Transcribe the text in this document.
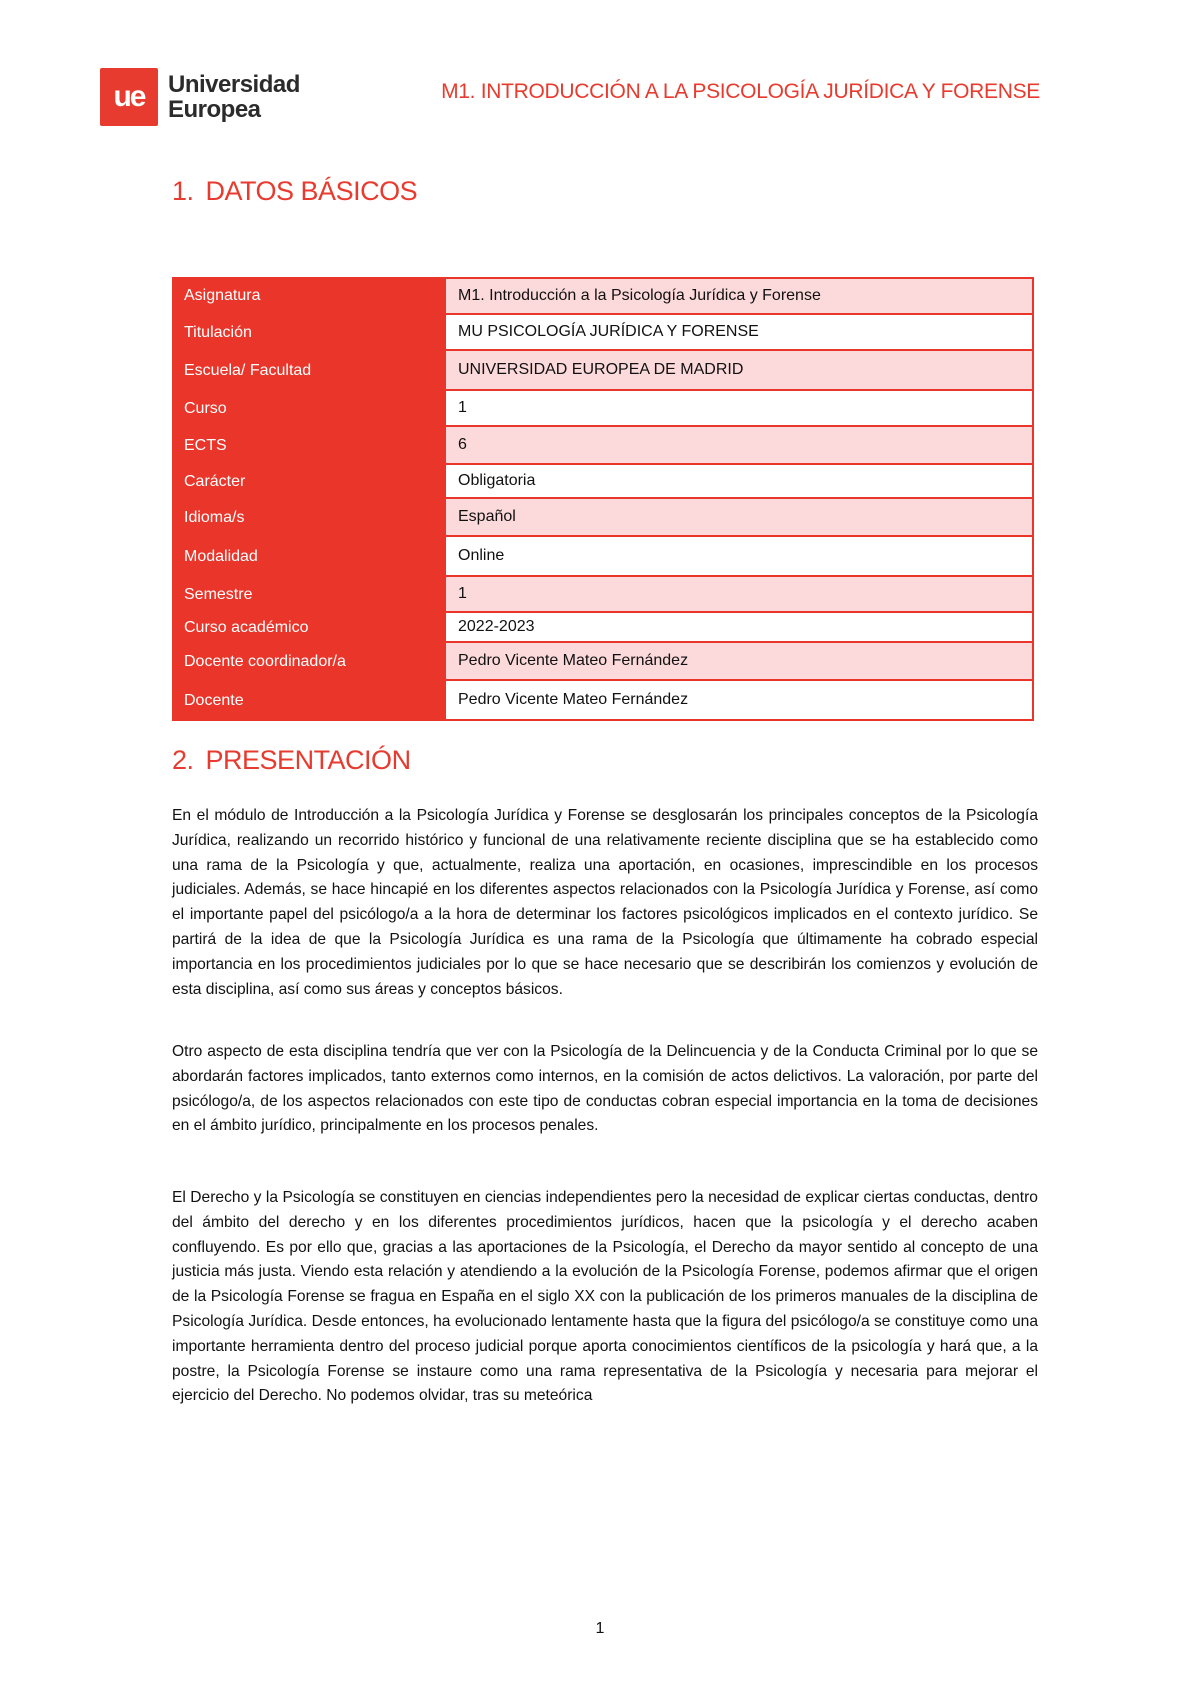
ue Universidad
Europea
M1. INTRODUCCIÓN A LA PSICOLOGÍA JURÍDICA Y FORENSE
1. DATOS BÁSICOS
Asignatura	M1. Introducción a la Psicología Jurídica y Forense
Titulación	MU PSICOLOGÍA JURÍDICA Y FORENSE
Escuela/ Facultad	UNIVERSIDAD EUROPEA DE MADRID
Curso	1
ECTS	6
Carácter	Obligatoria
Idioma/s	Español
Modalidad	Online
Semestre	1
Curso académico	2022-2023
Docente coordinador/a	Pedro Vicente Mateo Fernández
Docente	Pedro Vicente Mateo Fernández
2. PRESENTACIÓN

En el módulo de Introducción a la Psicología Jurídica y Forense se desglosarán los principales conceptos de la Psicología Jurídica, realizando un recorrido histórico y funcional de una relativamente reciente disciplina que se ha establecido como una rama de la Psicología y que, actualmente, realiza una aportación, en ocasiones, imprescindible en los procesos judiciales. Además, se hace hincapié en los diferentes aspectos relacionados con la Psicología Jurídica y Forense, así como el importante papel del psicólogo/a a la hora de determinar los factores psicológicos implicados en el contexto jurídico. Se partirá de la idea de que la Psicología Jurídica es una rama de la Psicología que últimamente ha cobrado especial importancia en los procedimientos judiciales por lo que se hace necesario que se describirán los comienzos y evolución de esta disciplina, así como sus áreas y conceptos básicos.

Otro aspecto de esta disciplina tendría que ver con la Psicología de la Delincuencia y de la Conducta Criminal por lo que se abordarán factores implicados, tanto externos como internos, en la comisión de actos delictivos. La valoración, por parte del psicólogo/a, de los aspectos relacionados con este tipo de conductas cobran especial importancia en la toma de decisiones en el ámbito jurídico, principalmente en los procesos penales.

El Derecho y la Psicología se constituyen en ciencias independientes pero la necesidad de explicar ciertas conductas, dentro del ámbito del derecho y en los diferentes procedimientos jurídicos, hacen que la psicología y el derecho acaben confluyendo. Es por ello que, gracias a las aportaciones de la Psicología, el Derecho da mayor sentido al concepto de una justicia más justa. Viendo esta relación y atendiendo a la evolución de la Psicología Forense, podemos afirmar que el origen de la Psicología Forense se fragua en España en el siglo XX con la publicación de los primeros manuales de la disciplina de Psicología Jurídica. Desde entonces, ha evolucionado lentamente hasta que la figura del psicólogo/a se constituye como una importante herramienta dentro del proceso judicial porque aporta conocimientos científicos de la psicología y hará que, a la postre, la Psicología Forense se instaure como una rama representativa de la Psicología y necesaria para mejorar el ejercicio del Derecho. No podemos olvidar, tras su meteórica

1
